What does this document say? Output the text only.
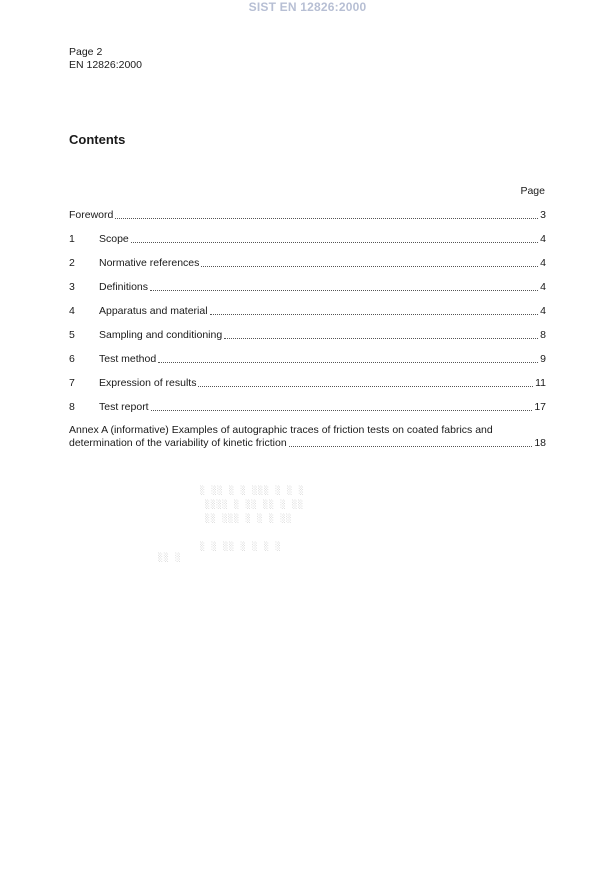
SIST EN 12826:2000
Page 2
EN 12826:2000
Contents
Page
Foreword	3
1	Scope	4
2	Normative references	4
3	Definitions	4
4	Apparatus and material	4
5	Sampling and conditioning	8
6	Test method	9
7	Expression of results	11
8	Test report	17
Annex A (informative) Examples of autographic traces of friction tests on coated fabrics and
determination of the variability of kinetic friction	18
░ ░░ ░ ░ ░░░ ░ ░ ░
░░░░ ░ ░░ ░░ ░ ░░
░░ ░░░ ░ ░ ░ ░░
░ ░ ░░ ░ ░ ░ ░
░░ ░
